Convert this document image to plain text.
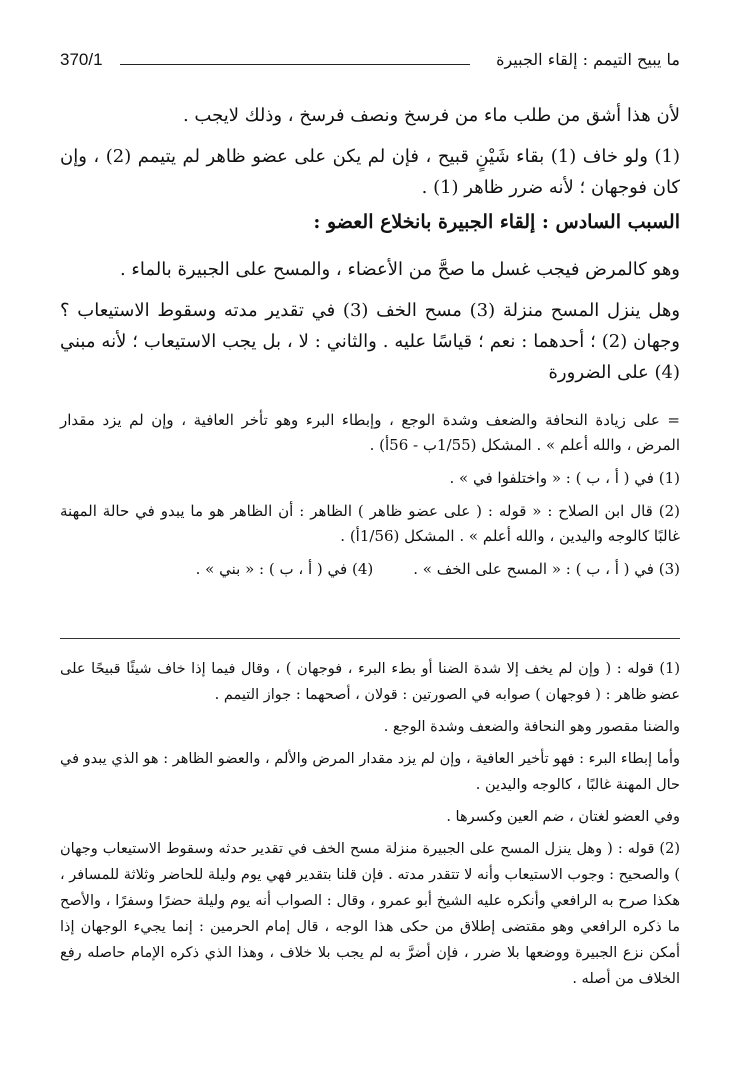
370/1	ما يبيح التيمم : إلقاء الجبيرة

لأن هذا أشق من طلب ماء من فرسخ ونصف فرسخ ، وذلك لايجب .

(1) ولو خاف (1) بقاء شَيْنٍ قبيح ، فإن لم يكن على عضو ظاهر لم يتيمم (2) ، وإن كان فوجهان ؛ لأنه ضرر ظاهر (1) .

السبب السادس : إلقاء الجبيرة بانخلاع العضو :

وهو كالمرض فيجب غسل ما صحَّ من الأعضاء ، والمسح على الجبيرة بالماء .

وهل ينزل المسح منزلة (3) مسح الخف (3) في تقدير مدته وسقوط الاستيعاب ؟ وجهان (2) ؛ أحدهما : نعم ؛ قياسًا عليه . والثاني : لا ، بل يجب الاستيعاب ؛ لأنه مبني (4) على الضرورة

= على زيادة النحافة والضعف وشدة الوجع ، وإبطاء البرء وهو تأخر العافية ، وإن لم يزد مقدار المرض ، والله أعلم » . المشكل (1/55ب - 56أ) .

(1) في ( أ ، ب ) : « واختلفوا في » .

(2) قال ابن الصلاح : « قوله : ( على عضو ظاهر ) الظاهر : أن الظاهر هو ما يبدو في حالة المهنة غالبًا كالوجه واليدين ، والله أعلم » . المشكل (1/56أ) .

(3) في ( أ ، ب ) : « المسح على الخف » .
(4) في ( أ ، ب ) : « بني » .

(1) قوله : ( وإن لم يخف إلا شدة الضنا أو بطء البرء ، فوجهان ) ، وقال فيما إذا خاف شيئًا قبيحًا على عضو ظاهر : ( فوجهان ) صوابه في الصورتين : قولان ، أصحهما : جواز التيمم .

والضنا مقصور وهو النحافة والضعف وشدة الوجع .

وأما إبطاء البرء : فهو تأخير العافية ، وإن لم يزد مقدار المرض والألم ، والعضو الظاهر : هو الذي يبدو في حال المهنة غالبًا ، كالوجه واليدين .

وفي العضو لغتان ، ضم العين وكسرها .

(2) قوله : ( وهل ينزل المسح على الجبيرة منزلة مسح الخف في تقدير حدثه وسقوط الاستيعاب وجهان ) والصحيح : وجوب الاستيعاب وأنه لا تتقدر مدته . فإن قلنا بتقدير فهي يوم وليلة للحاضر وثلاثة للمسافر ، هكذا صرح به الرافعي وأنكره عليه الشيخ أبو عمرو ، وقال : الصواب أنه يوم وليلة حضرًا وسفرًا ، والأصح ما ذكره الرافعي وهو مقتضى إطلاق من حكى هذا الوجه ، قال إمام الحرمين : إنما يجيء الوجهان إذا أمكن نزع الجبيرة ووضعها بلا ضرر ، فإن أضرَّ به لم يجب بلا خلاف ، وهذا الذي ذكره الإمام حاصله رفع الخلاف من أصله .
